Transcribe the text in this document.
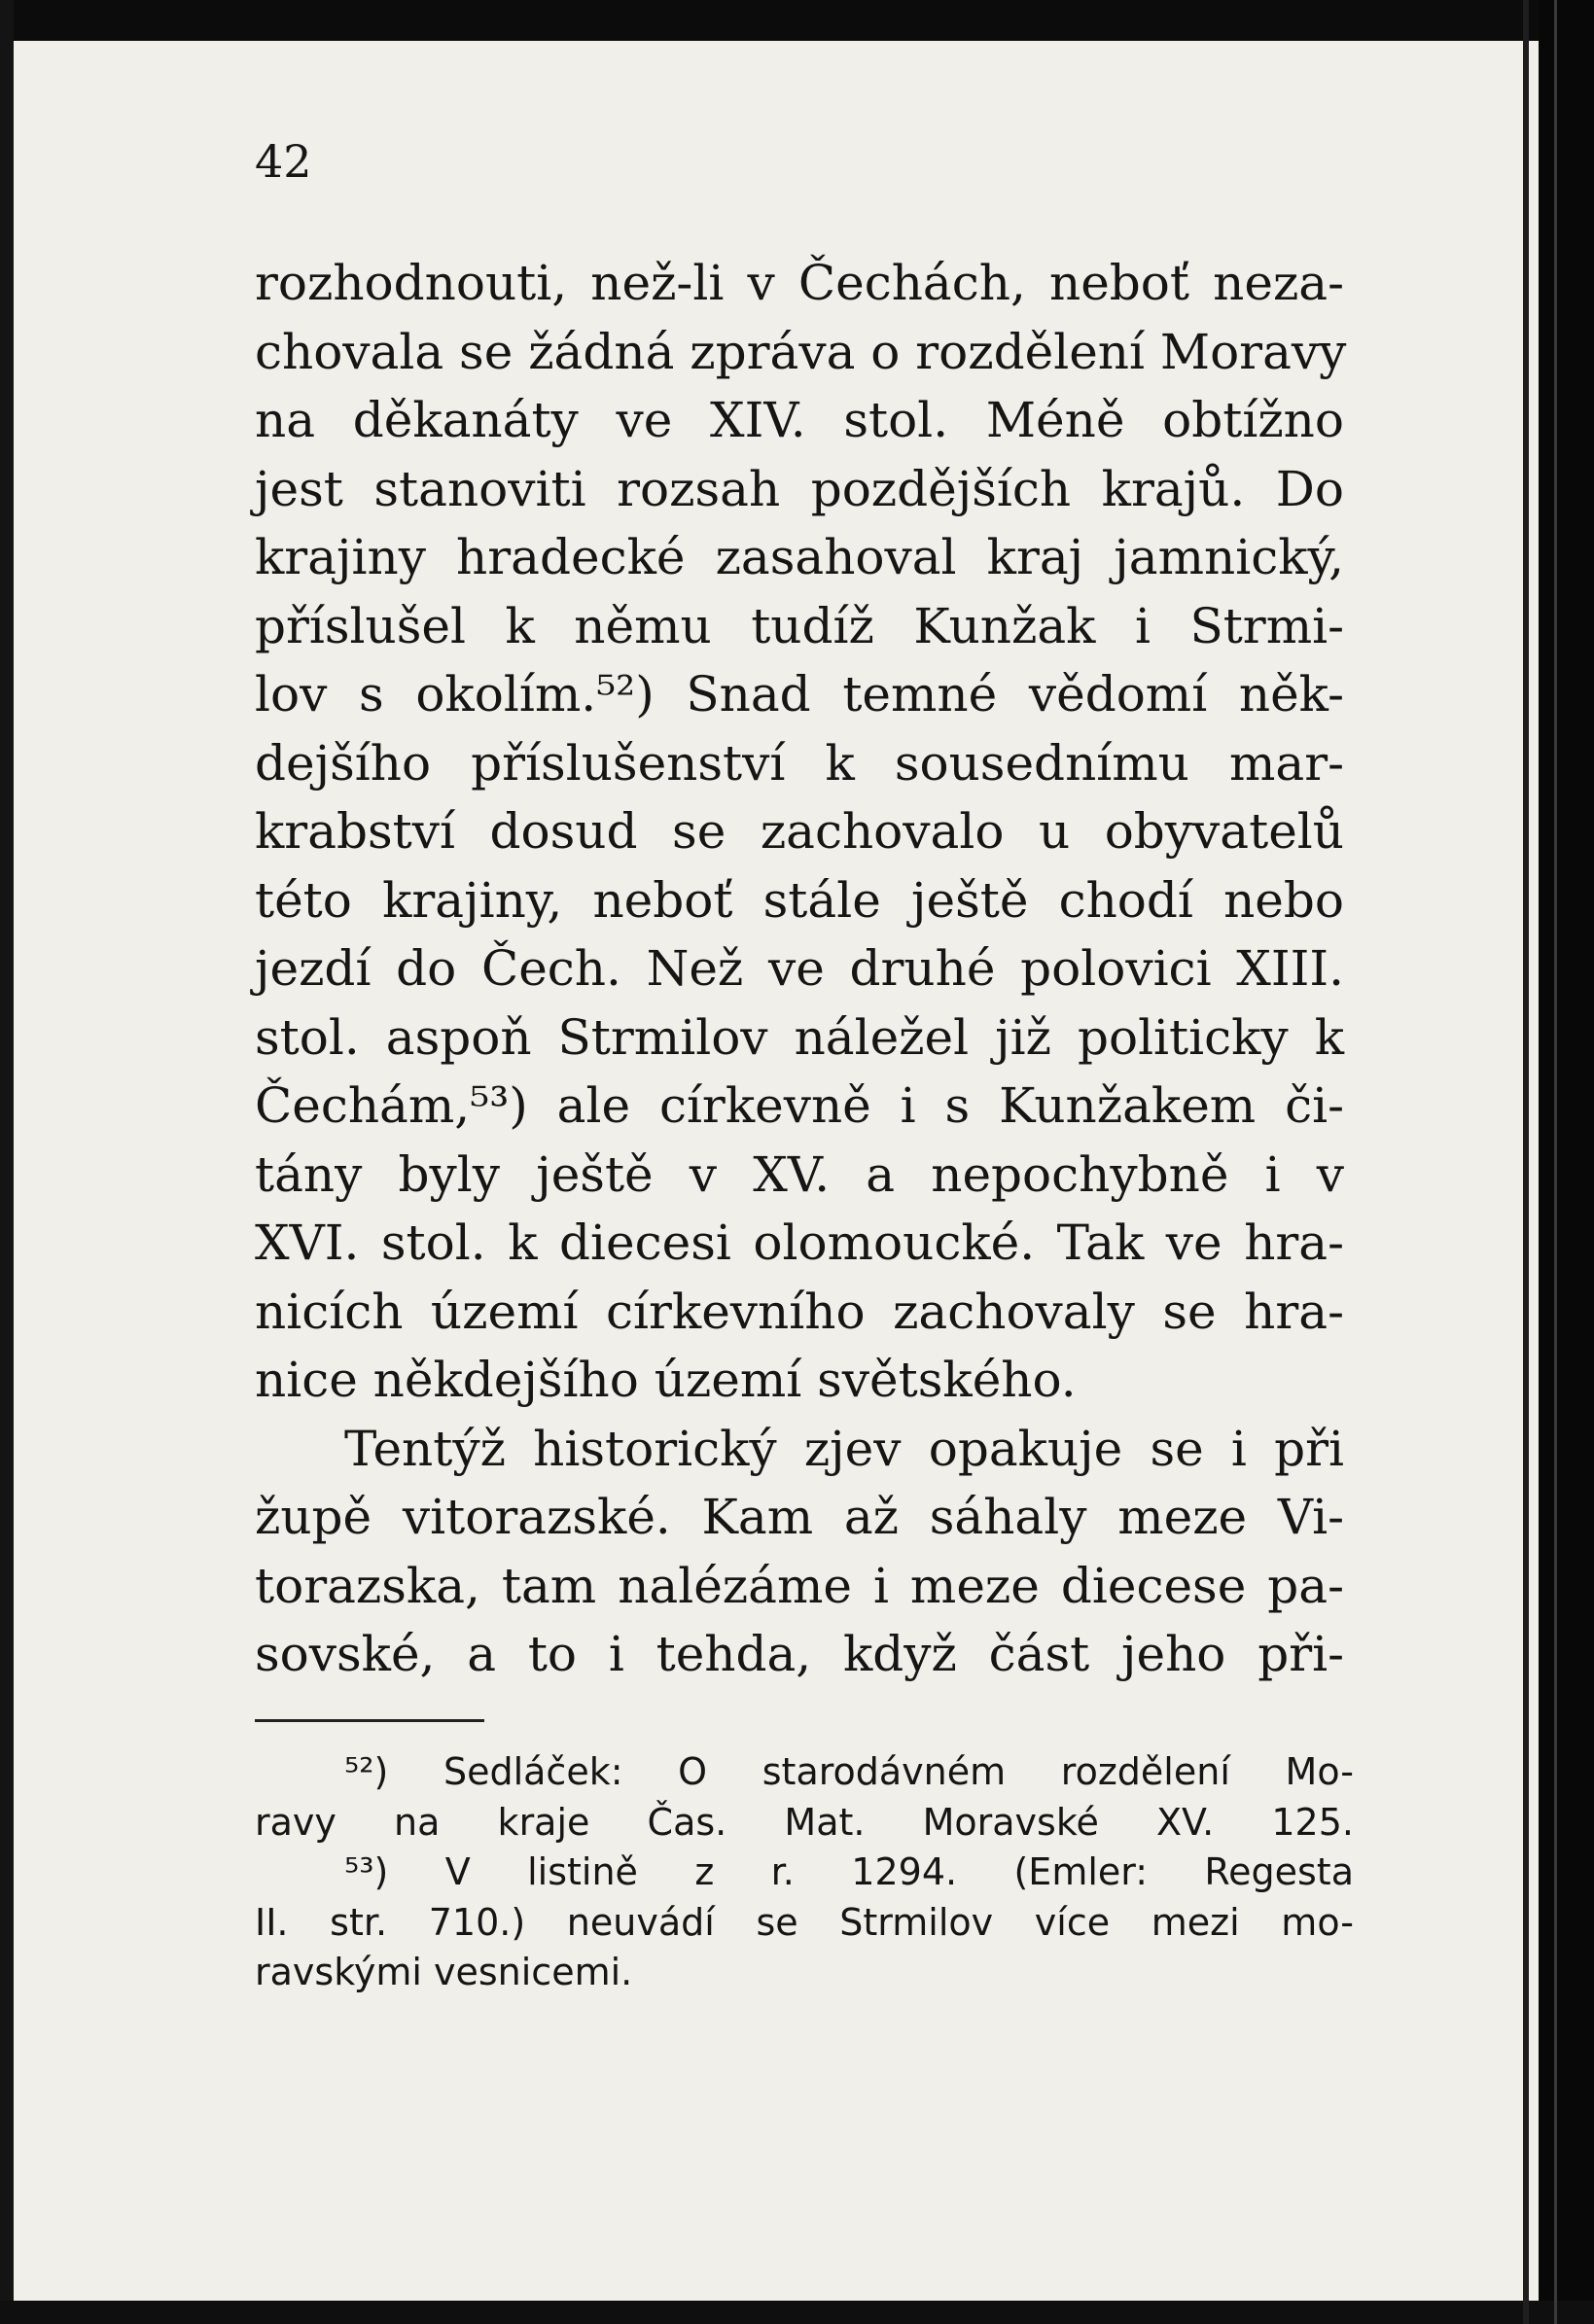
42
rozhodnouti, než-li v Čechách, neboť neza-
chovala se žádná zpráva o rozdělení Moravy
na děkanáty ve XIV. stol. Méně obtížno
jest stanoviti rozsah pozdějších krajů. Do
krajiny hradecké zasahoval kraj jamnický,
příslušel k němu tudíž Kunžak i Strmi-
lov s okolím.⁵²) Snad temné vědomí něk-
dejšího příslušenství k sousednímu mar-
krabství dosud se zachovalo u obyvatelů
této krajiny, neboť stále ještě chodí nebo
jezdí do Čech. Než ve druhé polovici XIII.
stol. aspoň Strmilov náležel již politicky k
Čechám,⁵³) ale církevně i s Kunžakem či-
tány byly ještě v XV. a nepochybně i v
XVI. stol. k diecesi olomoucké. Tak ve hra-
nicích území církevního zachovaly se hra-
nice někdejšího území světského.
Tentýž historický zjev opakuje se i při
župě vitorazské. Kam až sáhaly meze Vi-
torazska, tam nalézáme i meze diecese pa-
sovské, a to i tehda, když část jeho při-
⁵²) Sedláček: O starodávném rozdělení Mo-
ravy na kraje Čas. Mat. Moravské XV. 125.
⁵³) V listině z r. 1294. (Emler: Regesta
II. str. 710.) neuvádí se Strmilov více mezi mo-
ravskými vesnicemi.
